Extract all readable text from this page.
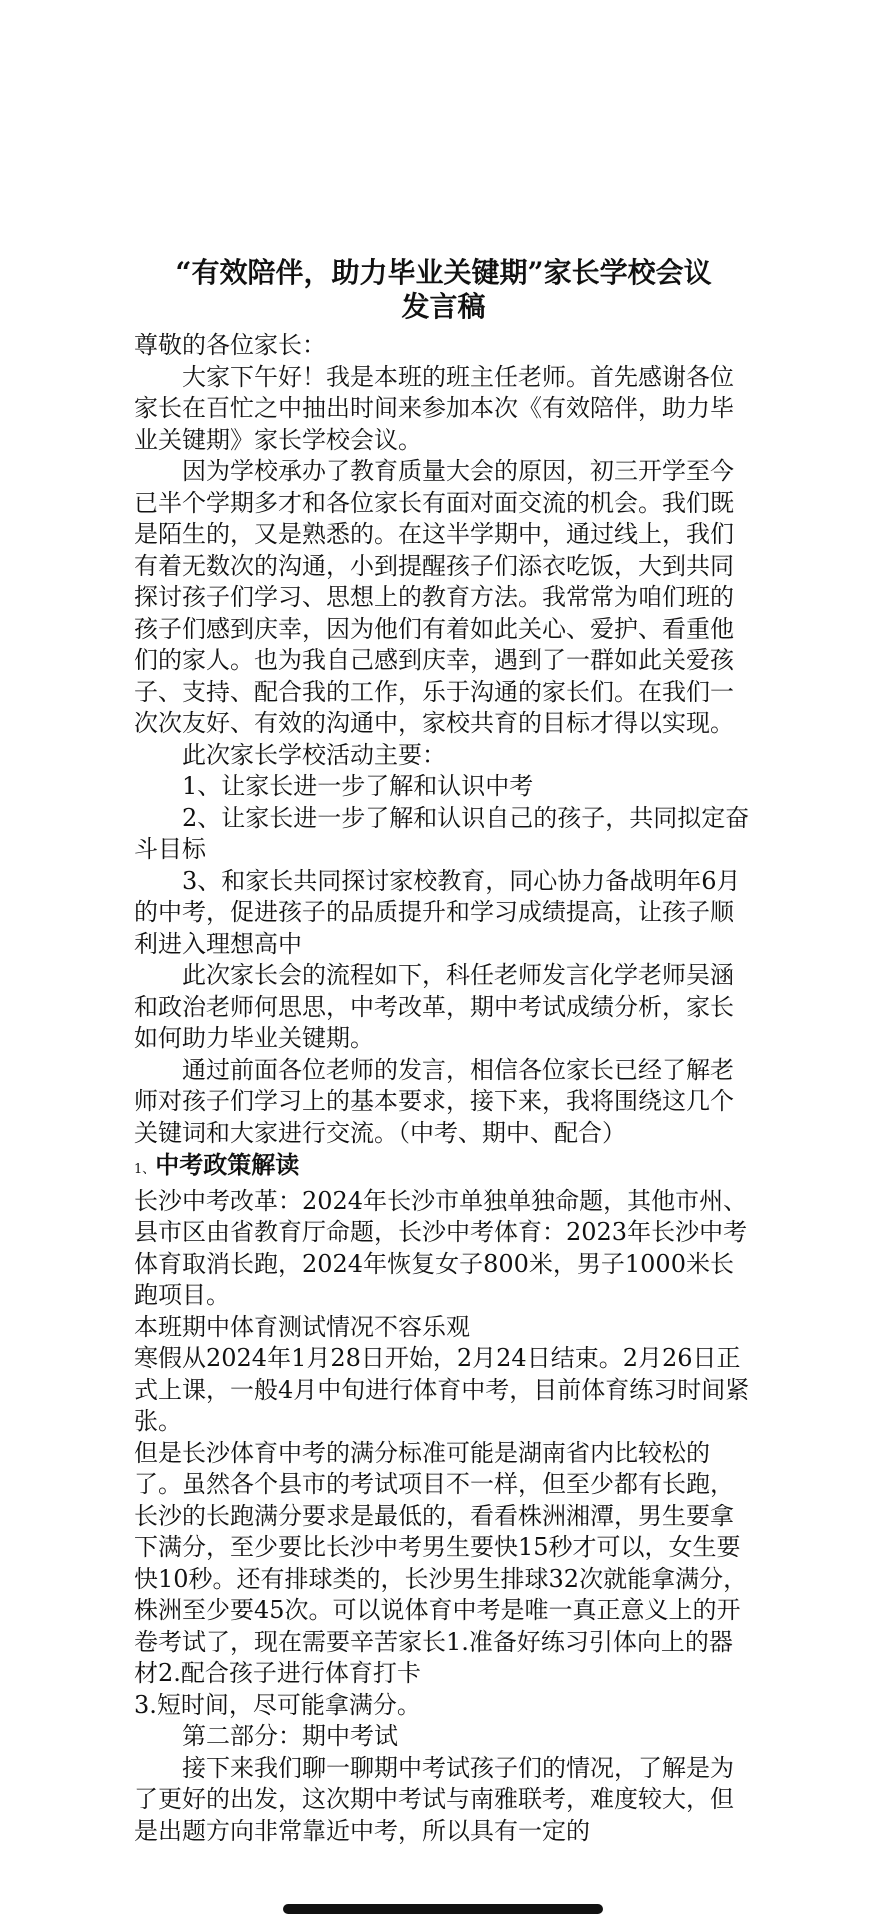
“有效陪伴，助力毕业关键期”家长学校会议
发言稿

尊敬的各位家长：

大家下午好！我是本班的班主任老师。首先感谢各位家长在百忙之中抽出时间来参加本次《有效陪伴，助力毕业关键期》家长学校会议。

因为学校承办了教育质量大会的原因，初三开学至今已半个学期多才和各位家长有面对面交流的机会。我们既是陌生的，又是熟悉的。在这半学期中，通过线上，我们有着无数次的沟通，小到提醒孩子们添衣吃饭，大到共同探讨孩子们学习、思想上的教育方法。我常常为咱们班的孩子们感到庆幸，因为他们有着如此关心、爱护、看重他们的家人。也为我自己感到庆幸，遇到了一群如此关爱孩子、支持、配合我的工作，乐于沟通的家长们。在我们一次次友好、有效的沟通中，家校共育的目标才得以实现。

此次家长学校活动主要：

1、让家长进一步了解和认识中考

2、让家长进一步了解和认识自己的孩子，共同拟定奋斗目标

3、和家长共同探讨家校教育，同心协力备战明年6月的中考，促进孩子的品质提升和学习成绩提高，让孩子顺利进入理想高中

此次家长会的流程如下，科任老师发言化学老师吴涵和政治老师何思思，中考改革，期中考试成绩分析，家长如何助力毕业关键期。

通过前面各位老师的发言，相信各位家长已经了解老师对孩子们学习上的基本要求，接下来，我将围绕这几个关键词和大家进行交流。（中考、期中、配合）

1、中考政策解读

长沙中考改革：2024年长沙市单独单独命题，其他市州、县市区由省教育厅命题，长沙中考体育：2023年长沙中考体育取消长跑，2024年恢复女子800米，男子1000米长跑项目。

本班期中体育测试情况不容乐观

寒假从2024年1月28日开始，2月24日结束。2月26日正式上课，一般4月中旬进行体育中考，目前体育练习时间紧张。

但是长沙体育中考的满分标准可能是湖南省内比较松的了。虽然各个县市的考试项目不一样，但至少都有长跑，长沙的长跑满分要求是最低的，看看株洲湘潭，男生要拿下满分，至少要比长沙中考男生要快15秒才可以，女生要快10秒。还有排球类的，长沙男生排球32次就能拿满分，株洲至少要45次。可以说体育中考是唯一真正意义上的开卷考试了，现在需要辛苦家长1.准备好练习引体向上的器材2.配合孩子进行体育打卡

3.短时间，尽可能拿满分。

第二部分：期中考试

接下来我们聊一聊期中考试孩子们的情况，了解是为了更好的出发，这次期中考试与南雅联考，难度较大，但是出题方向非常靠近中考，所以具有一定的
